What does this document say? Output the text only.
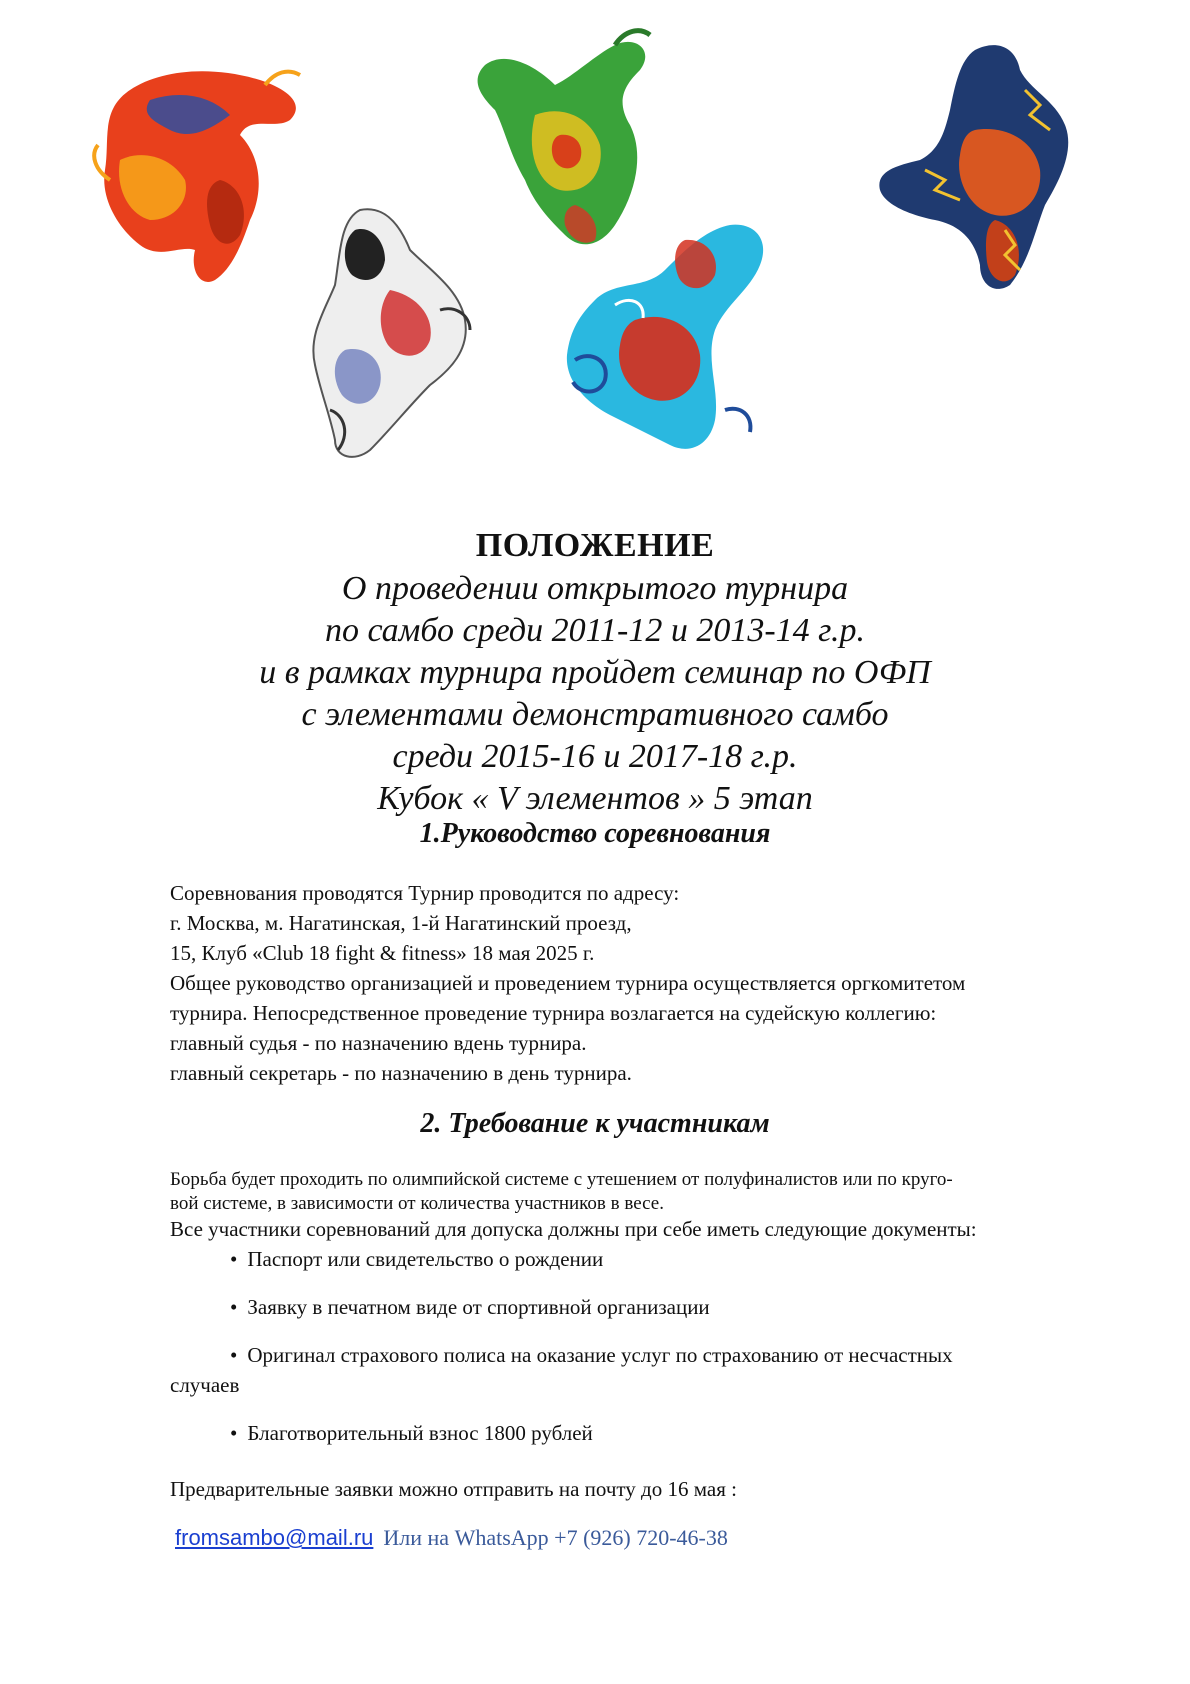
ПОЛОЖЕНИЕ
О проведении открытого турнира
по самбо среди 2011-12 и 2013-14 г.р.
и в рамках турнира пройдет семинар по ОФП
с элементами демонстративного самбо
среди 2015-16 и 2017-18 г.р.
Кубок « V элементов » 5 этап
1.Руководство соревнования
Соревнования проводятся Турнир проводится по адресу:
г. Москва, м. Нагатинская, 1-й Нагатинский проезд,
15, Клуб «Club 18 fight & fitness» 18 мая 2025 г.
Общее руководство организацией и проведением турнира осуществляется оргкомитетом
турнира. Непосредственное проведение турнира возлагается на судейскую коллегию:
главный судья - по назначению вдень турнира.
главный секретарь - по назначению в день турнира.
2. Требование к участникам
Борьба будет проходить по олимпийской системе с утешением от полуфиналистов или по круго-
вой системе, в зависимости от количества участников в весе.
Все участники соревнований для допуска должны при себе иметь следующие документы:
• Паспорт или свидетельство о рождении
• Заявку в печатном виде от спортивной организации
• Оригинал страхового полиса на оказание услуг по страхованию от несчастных
случаев
• Благотворительный взнос 1800 рублей
Предварительные заявки можно отправить на почту до 16 мая :
fromsambo@mail.ru Или на WhatsApp +7 (926) 720-46-38
